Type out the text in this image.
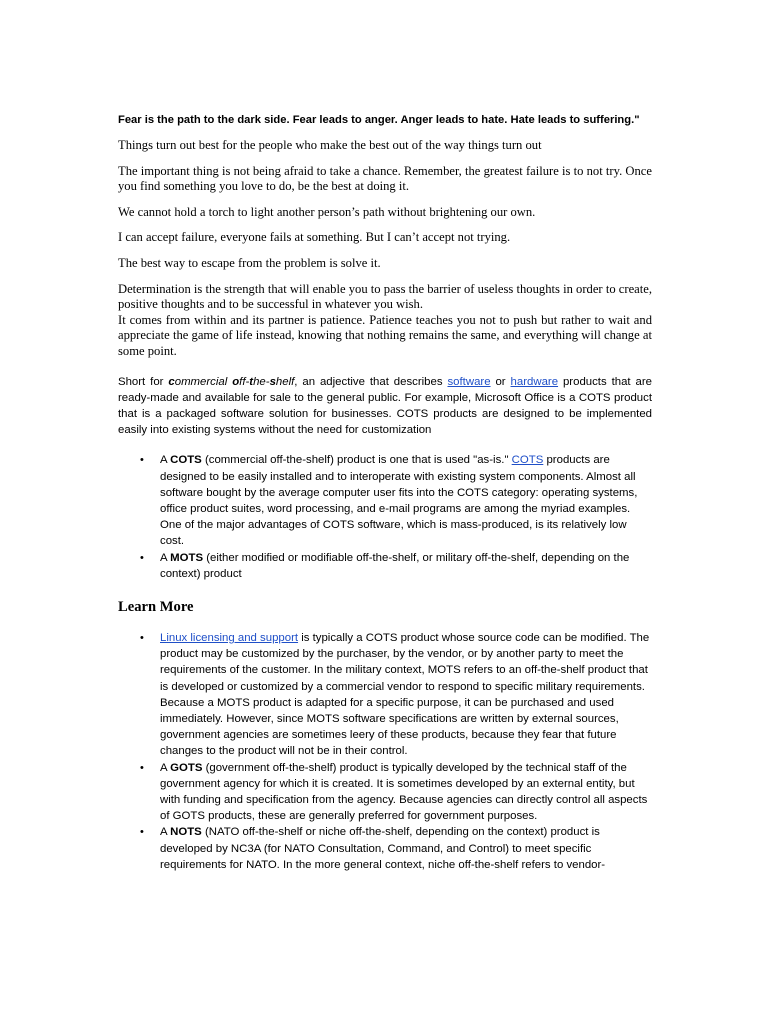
Fear is the path to the dark side. Fear leads to anger. Anger leads to hate. Hate leads to suffering."

Things turn out best for the people who make the best out of the way things turn out

The important thing is not being afraid to take a chance. Remember, the greatest failure is to not try. Once you find something you love to do, be the best at doing it.

We cannot hold a torch to light another person’s path without brightening our own.

I can accept failure, everyone fails at something. But I can’t accept not trying.

The best way to escape from the problem is solve it.

Determination is the strength that will enable you to pass the barrier of useless thoughts in order to create, positive thoughts and to be successful in whatever you wish.

It comes from within and its partner is patience. Patience teaches you not to push but rather to wait and appreciate the game of life instead, knowing that nothing remains the same, and everything will change at some point.

Short for commercial off-the-shelf, an adjective that describes software or hardware products that are ready-made and available for sale to the general public. For example, Microsoft Office is a COTS product that is a packaged software solution for businesses. COTS products are designed to be implemented easily into existing systems without the need for customization

• A COTS (commercial off-the-shelf) product is one that is used "as-is." COTS products are designed to be easily installed and to interoperate with existing system components. Almost all software bought by the average computer user fits into the COTS category: operating systems, office product suites, word processing, and e-mail programs are among the myriad examples. One of the major advantages of COTS software, which is mass-produced, is its relatively low cost.
• A MOTS (either modified or modifiable off-the-shelf, or military off-the-shelf, depending on the context) product
Learn More
• Linux licensing and support is typically a COTS product whose source code can be modified. The product may be customized by the purchaser, by the vendor, or by another party to meet the requirements of the customer. In the military context, MOTS refers to an off-the-shelf product that is developed or customized by a commercial vendor to respond to specific military requirements. Because a MOTS product is adapted for a specific purpose, it can be purchased and used immediately. However, since MOTS software specifications are written by external sources, government agencies are sometimes leery of these products, because they fear that future changes to the product will not be in their control.
• A GOTS (government off-the-shelf) product is typically developed by the technical staff of the government agency for which it is created. It is sometimes developed by an external entity, but with funding and specification from the agency. Because agencies can directly control all aspects of GOTS products, these are generally preferred for government purposes.
• A NOTS (NATO off-the-shelf or niche off-the-shelf, depending on the context) product is developed by NC3A (for NATO Consultation, Command, and Control) to meet specific requirements for NATO. In the more general context, niche off-the-shelf refers to vendor-
